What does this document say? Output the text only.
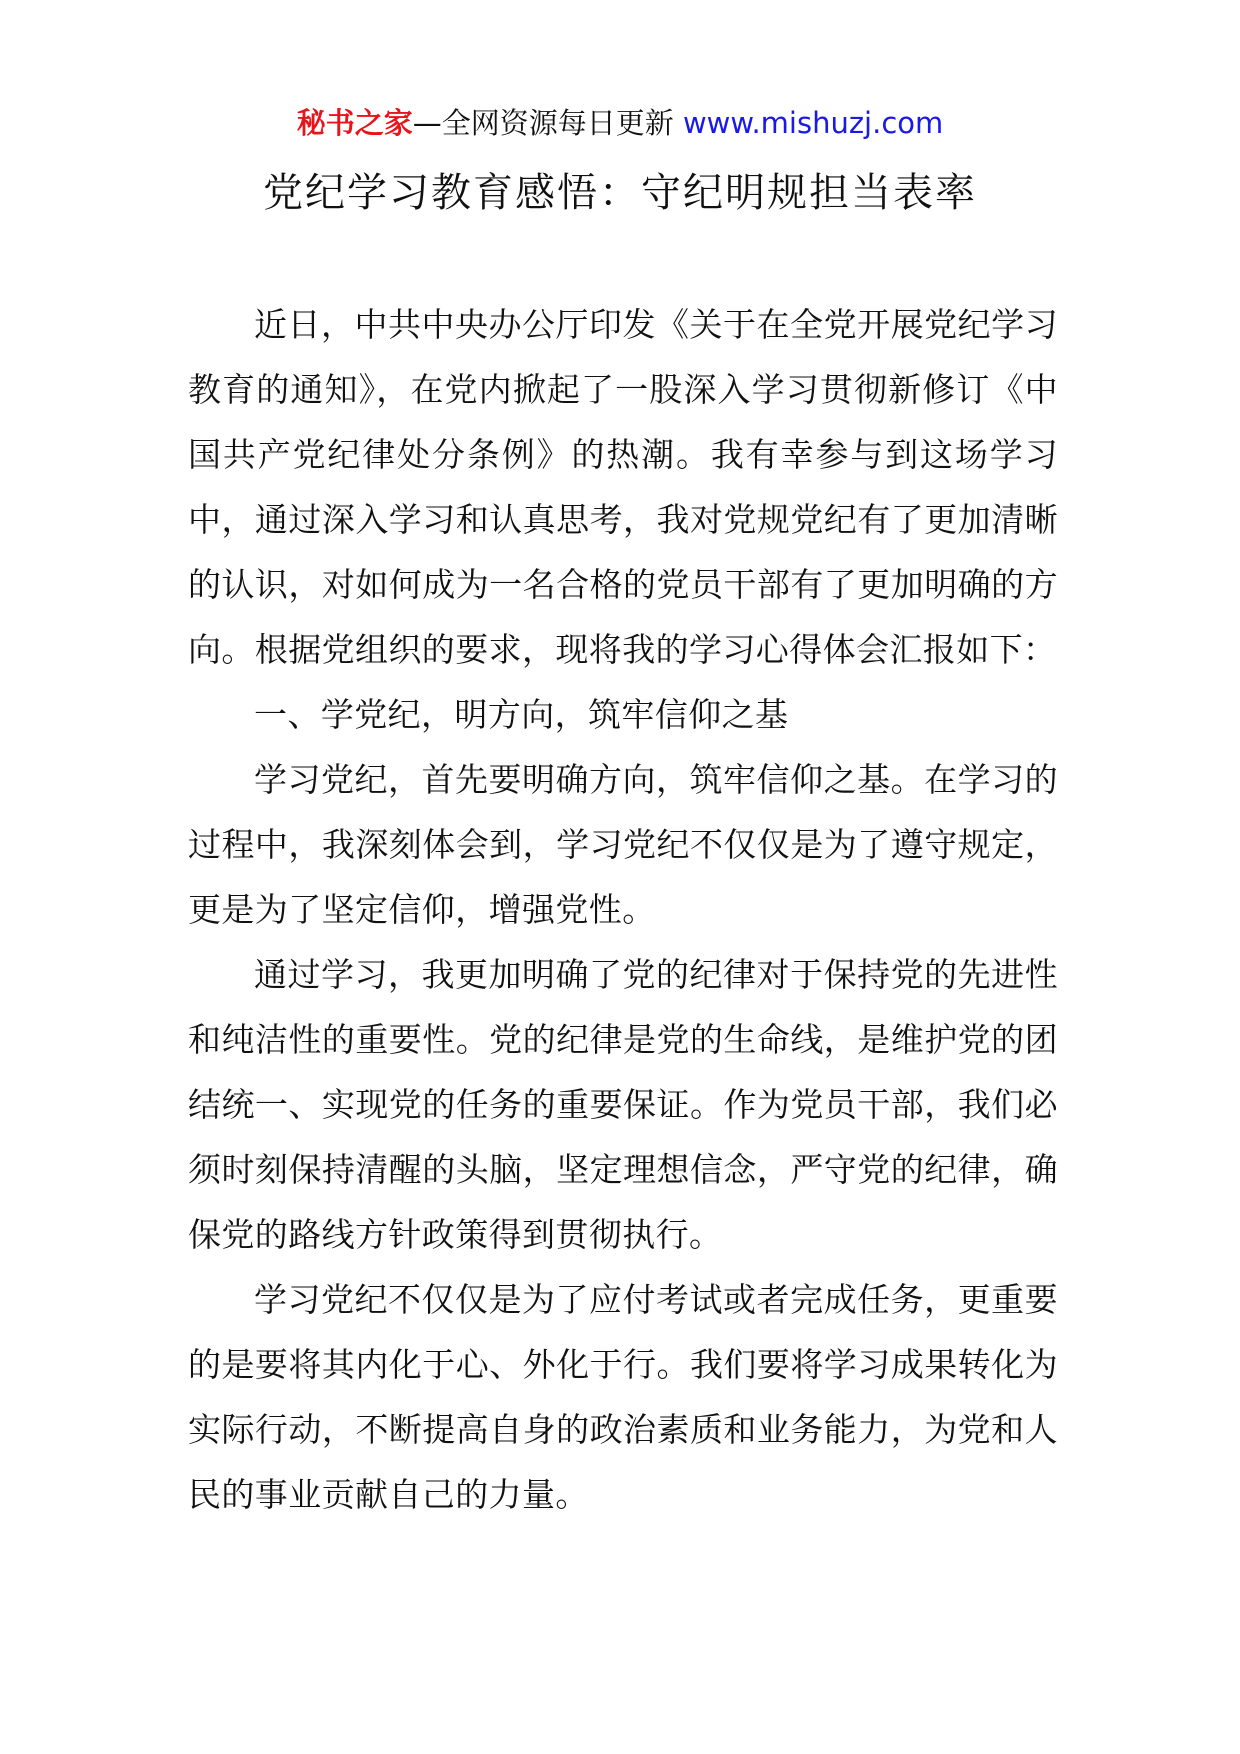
秘书之家—全网资源每日更新 www.mishuzj.com
党纪学习教育感悟：守纪明规担当表率

近日，中共中央办公厅印发《关于在全党开展党纪学习教育的通知》，在党内掀起了一股深入学习贯彻新修订《中国共产党纪律处分条例》的热潮。我有幸参与到这场学习中，通过深入学习和认真思考，我对党规党纪有了更加清晰的认识，对如何成为一名合格的党员干部有了更加明确的方向。根据党组织的要求，现将我的学习心得体会汇报如下：

一、学党纪，明方向，筑牢信仰之基

学习党纪，首先要明确方向，筑牢信仰之基。在学习的过程中，我深刻体会到，学习党纪不仅仅是为了遵守规定，更是为了坚定信仰，增强党性。

通过学习，我更加明确了党的纪律对于保持党的先进性和纯洁性的重要性。党的纪律是党的生命线，是维护党的团结统一、实现党的任务的重要保证。作为党员干部，我们必须时刻保持清醒的头脑，坚定理想信念，严守党的纪律，确保党的路线方针政策得到贯彻执行。

学习党纪不仅仅是为了应付考试或者完成任务，更重要的是要将其内化于心、外化于行。我们要将学习成果转化为实际行动，不断提高自身的政治素质和业务能力，为党和人民的事业贡献自己的力量。
